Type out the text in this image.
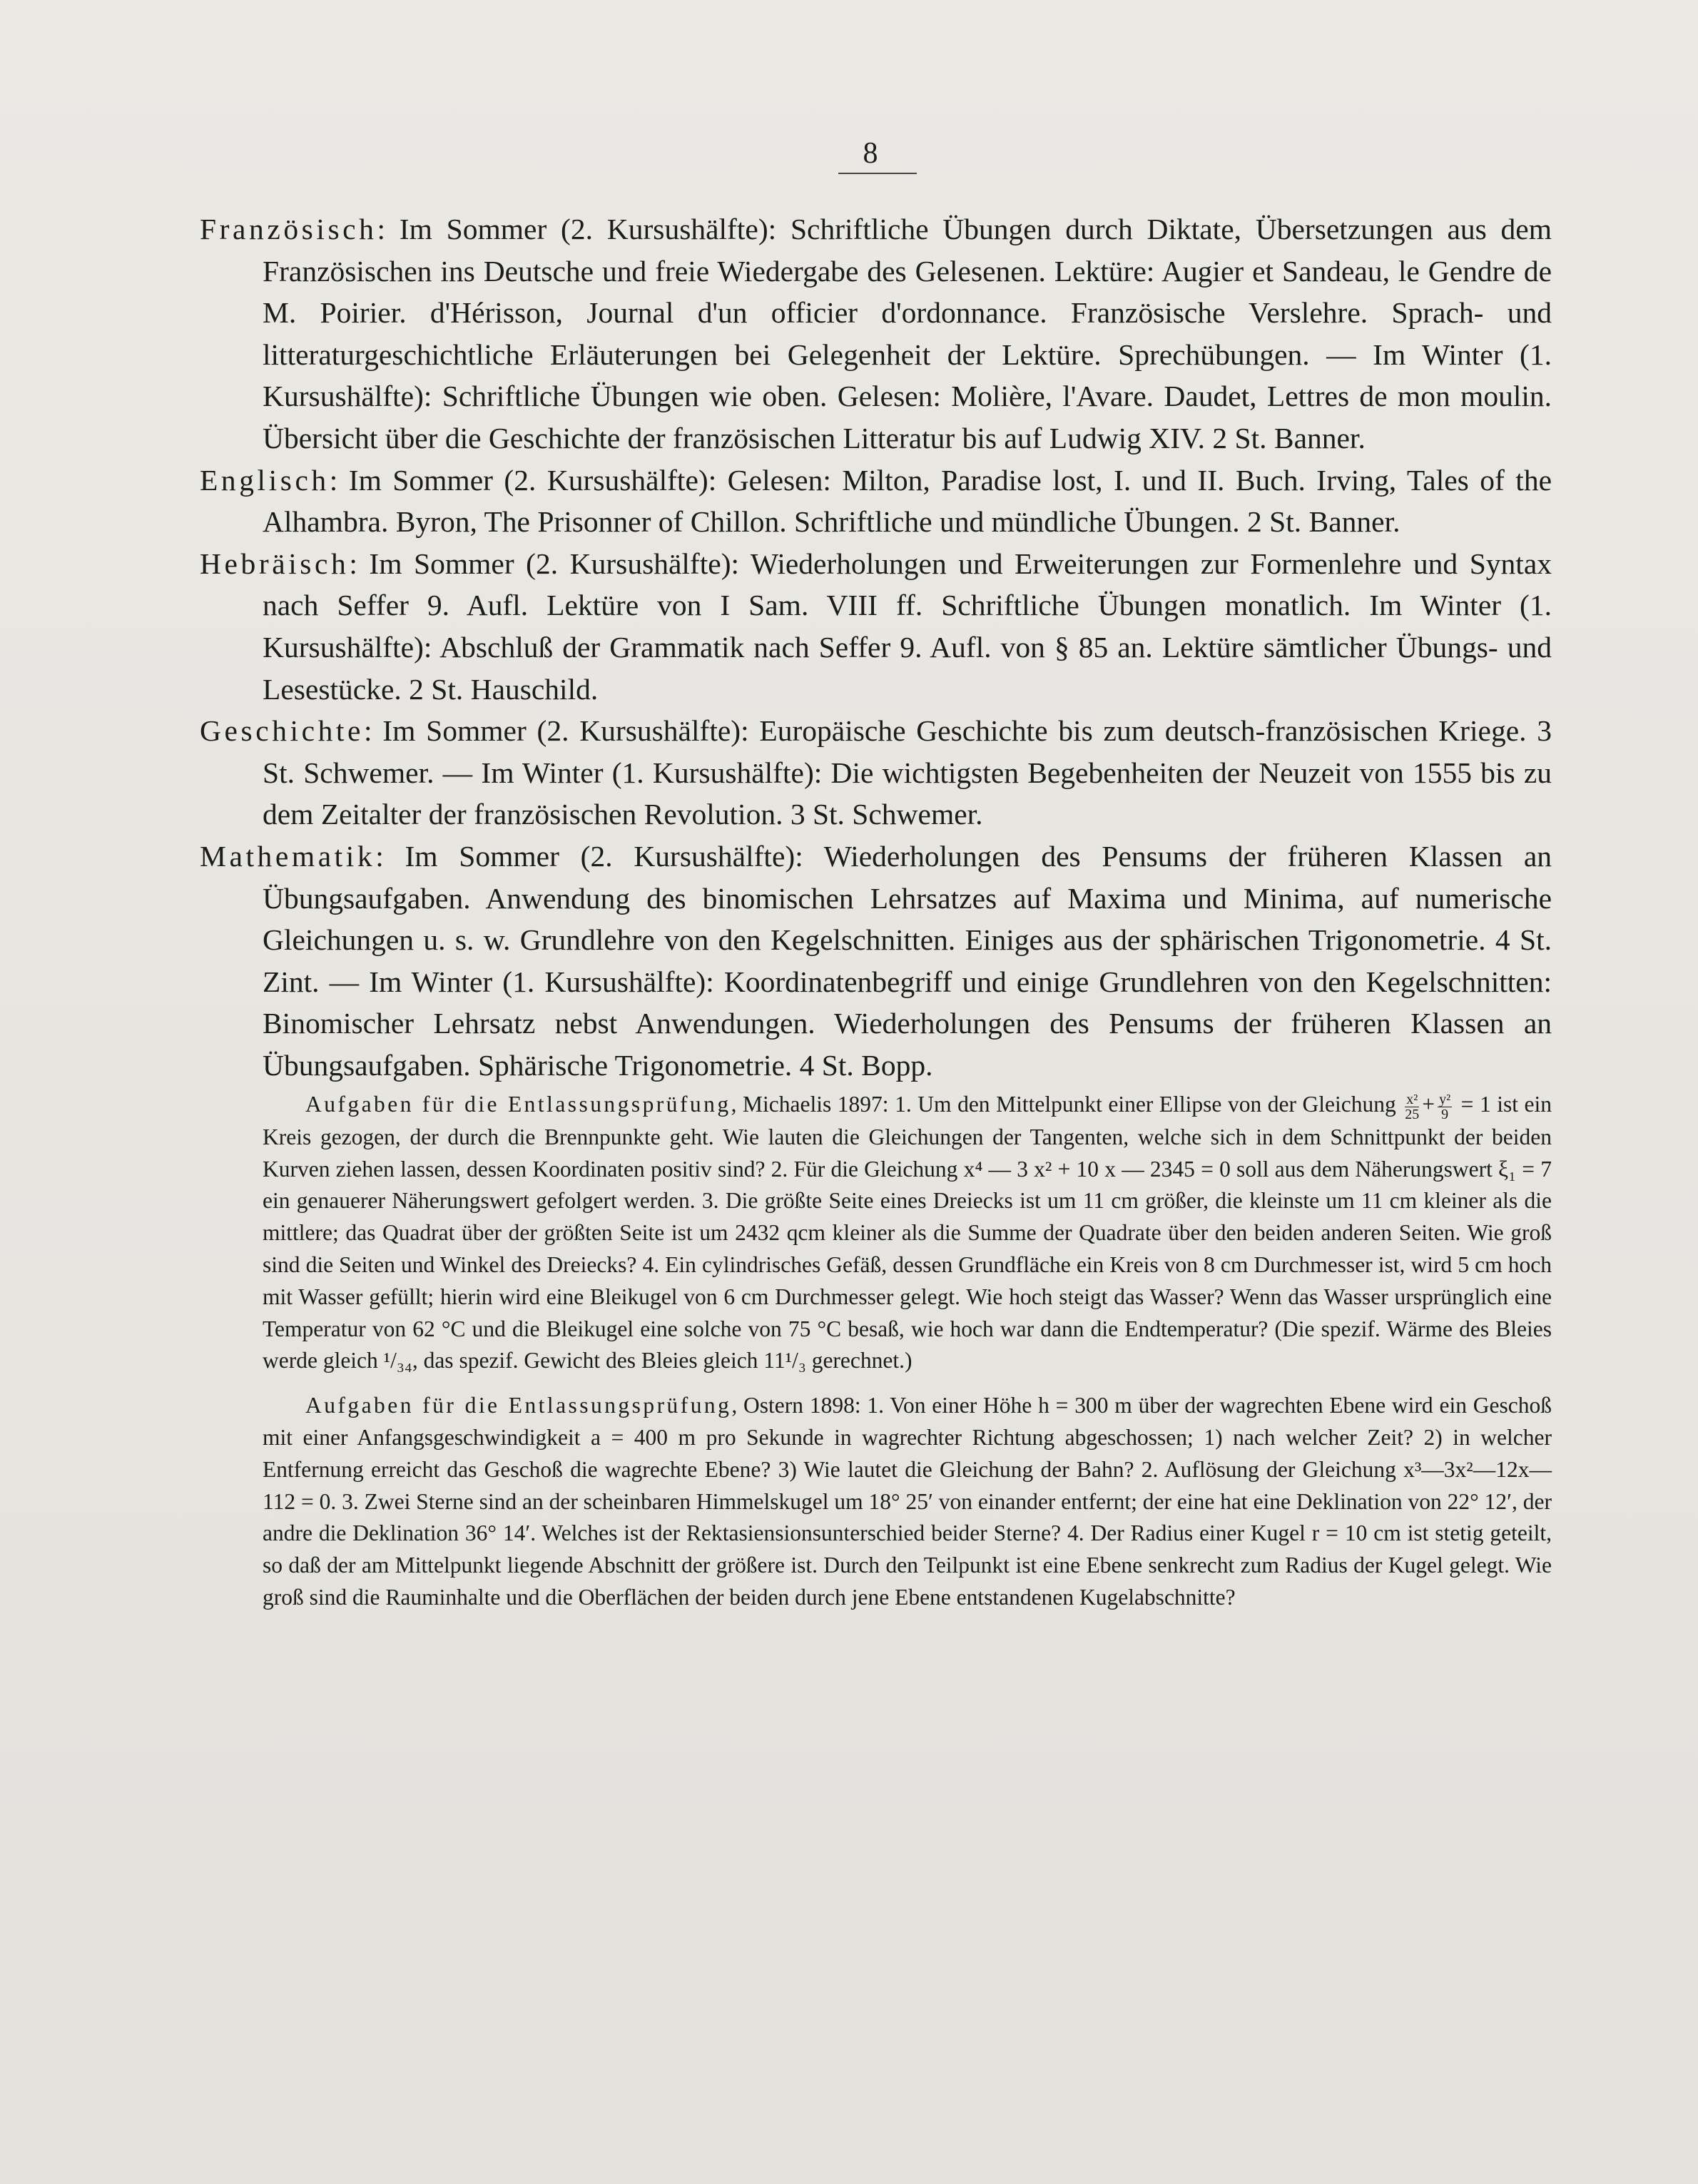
8

Französisch: Im Sommer (2. Kursushälfte): Schriftliche Übungen durch Diktate, Übersetzungen aus dem Französischen ins Deutsche und freie Wiedergabe des Gelesenen. Lektüre: Augier et Sandeau, le Gendre de M. Poirier. d'Hérisson, Journal d'un officier d'ordonnance. Französische Verslehre. Sprach- und litteraturgeschichtliche Erläuterungen bei Gelegenheit der Lektüre. Sprechübungen. — Im Winter (1. Kursushälfte): Schriftliche Übungen wie oben. Gelesen: Molière, l'Avare. Daudet, Lettres de mon moulin. Übersicht über die Geschichte der französischen Litteratur bis auf Ludwig XIV. 2 St. Banner.

Englisch: Im Sommer (2. Kursushälfte): Gelesen: Milton, Paradise lost, I. und II. Buch. Irving, Tales of the Alhambra. Byron, The Prisonner of Chillon. Schriftliche und mündliche Übungen. 2 St. Banner.

Hebräisch: Im Sommer (2. Kursushälfte): Wiederholungen und Erweiterungen zur Formenlehre und Syntax nach Seffer 9. Aufl. Lektüre von I Sam. VIII ff. Schriftliche Übungen monatlich. Im Winter (1. Kursushälfte): Abschluß der Grammatik nach Seffer 9. Aufl. von § 85 an. Lektüre sämtlicher Übungs- und Lesestücke. 2 St. Hauschild.

Geschichte: Im Sommer (2. Kursushälfte): Europäische Geschichte bis zum deutsch-französischen Kriege. 3 St. Schwemer. — Im Winter (1. Kursushälfte): Die wichtigsten Begebenheiten der Neuzeit von 1555 bis zu dem Zeitalter der französischen Revolution. 3 St. Schwemer.

Mathematik: Im Sommer (2. Kursushälfte): Wiederholungen des Pensums der früheren Klassen an Übungsaufgaben. Anwendung des binomischen Lehrsatzes auf Maxima und Minima, auf numerische Gleichungen u. s. w. Grundlehre von den Kegelschnitten. Einiges aus der sphärischen Trigonometrie. 4 St. Zint. — Im Winter (1. Kursushälfte): Koordinatenbegriff und einige Grundlehren von den Kegelschnitten: Binomischer Lehrsatz nebst Anwendungen. Wiederholungen des Pensums der früheren Klassen an Übungsaufgaben. Sphärische Trigonometrie. 4 St. Bopp.

Aufgaben für die Entlassungsprüfung, Michaelis 1897: 1. Um den Mittelpunkt einer Ellipse von der Gleichung $\frac{\text{x²}}{25} + \frac{\text{y²}}{9} = 1$ ist ein Kreis gezogen, der durch die Brennpunkte geht. Wie lauten die Gleichungen der Tangenten, welche sich in dem Schnittpunkt der beiden Kurven ziehen lassen, dessen Koordinaten positiv sind? 2. Für die Gleichung x⁴ — 3 x² + 10 x — 2345 = 0 soll aus dem Näherungswert ξ₁ = 7 ein genauerer Näherungswert gefolgert werden. 3. Die größte Seite eines Dreiecks ist um 11 cm größer, die kleinste um 11 cm kleiner als die mittlere; das Quadrat über der größten Seite ist um 2432 qcm kleiner als die Summe der Quadrate über den beiden anderen Seiten. Wie groß sind die Seiten und Winkel des Dreiecks? 4. Ein cylindrisches Gefäß, dessen Grundfläche ein Kreis von 8 cm Durchmesser ist, wird 5 cm hoch mit Wasser gefüllt; hierin wird eine Bleikugel von 6 cm Durchmesser gelegt. Wie hoch steigt das Wasser? Wenn das Wasser ursprünglich eine Temperatur von 62 °C und die Bleikugel eine solche von 75 °C besaß, wie hoch war dann die Endtemperatur? (Die spezif. Wärme des Bleies werde gleich ¹/₃₄, das spezif. Gewicht des Bleies gleich 11¹/₃ gerechnet.)

Aufgaben für die Entlassungsprüfung, Ostern 1898: 1. Von einer Höhe h = 300 m über der wagrechten Ebene wird ein Geschoß mit einer Anfangsgeschwindigkeit a = 400 m pro Sekunde in wagrechter Richtung abgeschossen; 1) nach welcher Zeit? 2) in welcher Entfernung erreicht das Geschoß die wagrechte Ebene? 3) Wie lautet die Gleichung der Bahn? 2. Auflösung der Gleichung x³—3x²—12x—112 = 0. 3. Zwei Sterne sind an der scheinbaren Himmelskugel um 18° 25′ von einander entfernt; der eine hat eine Deklination von 22° 12′, der andre die Deklination 36° 14′. Welches ist der Rektasiensionsunterschied beider Sterne? 4. Der Radius einer Kugel r = 10 cm ist stetig geteilt, so daß der am Mittelpunkt liegende Abschnitt der größere ist. Durch den Teilpunkt ist eine Ebene senkrecht zum Radius der Kugel gelegt. Wie groß sind die Rauminhalte und die Oberflächen der beiden durch jene Ebene entstandenen Kugelabschnitte?
